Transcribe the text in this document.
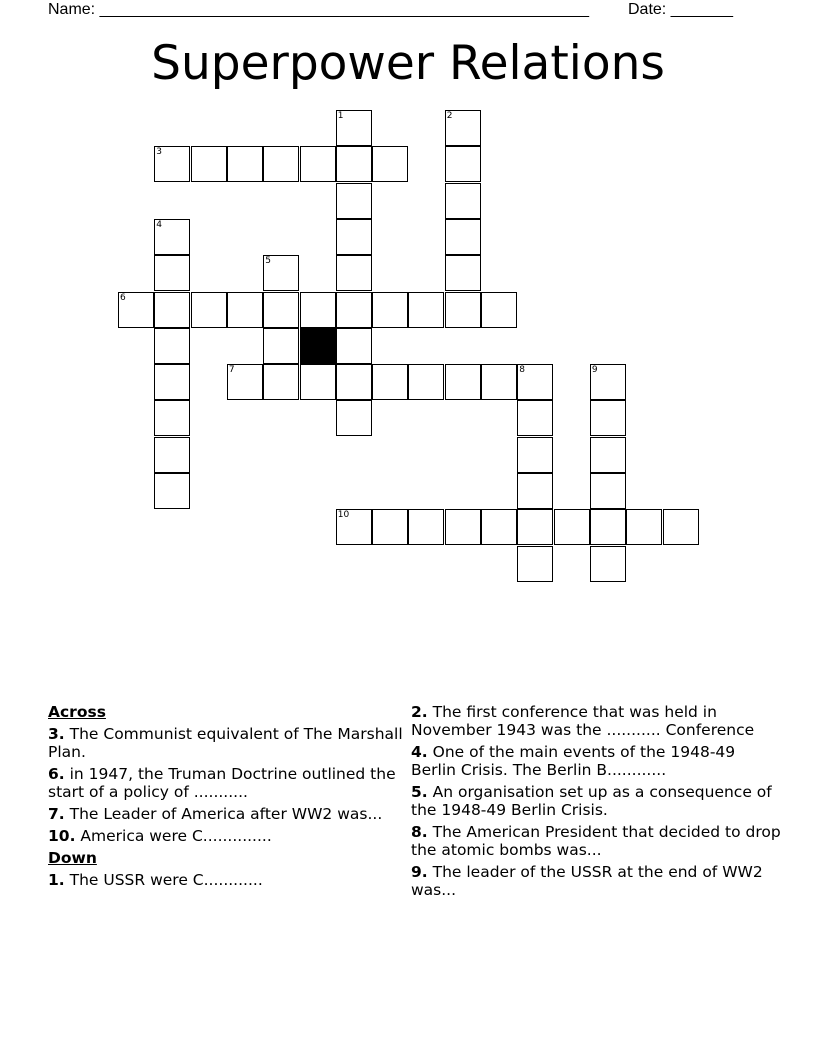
Name: _______________________________________________________ Date: _______
Superpower Relations
1	2
3
4
5
6
7	8	9
10
Across
3. The Communist equivalent of The Marshall Plan.
6. in 1947, the Truman Doctrine outlined the start of a policy of ...........
7. The Leader of America after WW2 was...
10. America were C..............
Down
1. The USSR were C............
2. The first conference that was held in November 1943 was the ........... Conference
4. One of the main events of the 1948-49 Berlin Crisis. The Berlin B............
5. An organisation set up as a consequence of the 1948-49 Berlin Crisis.
8. The American President that decided to drop the atomic bombs was...
9. The leader of the USSR at the end of WW2 was...
